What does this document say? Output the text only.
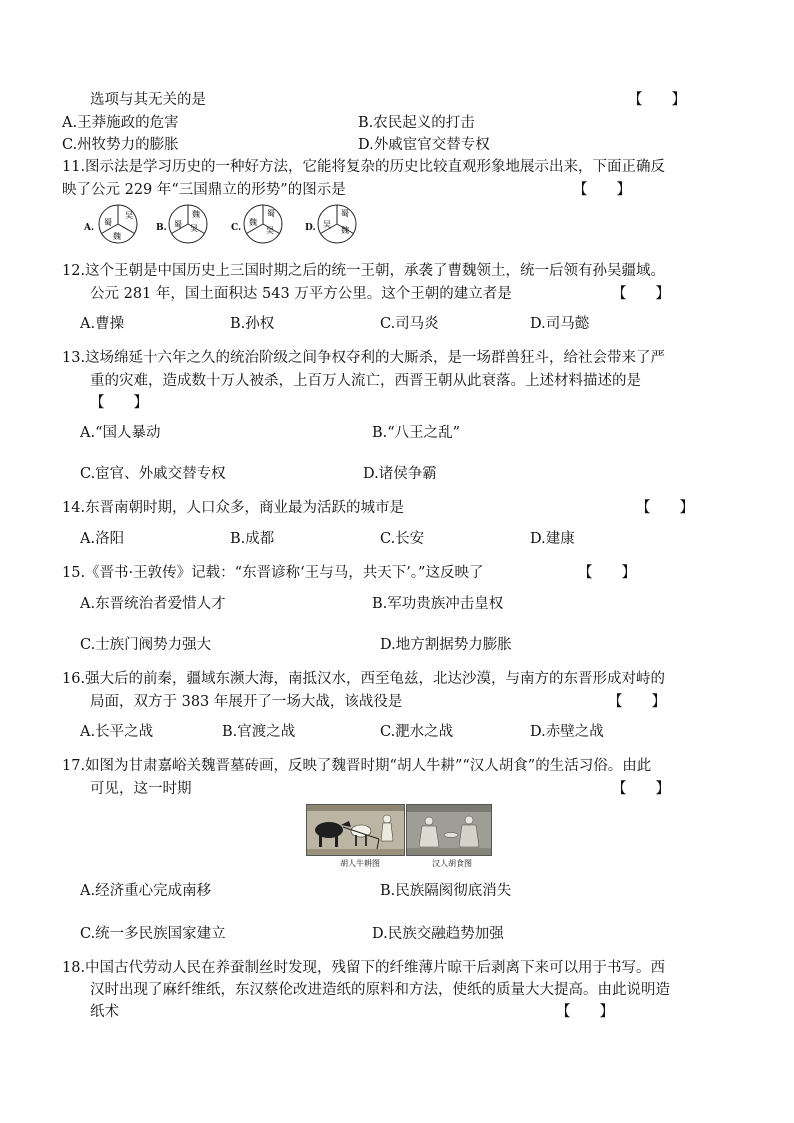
选项与其无关的是	【　　】
A.王莽施政的危害	B.农民起义的打击
C.州牧势力的膨胀	D.外戚宦官交替专权
11.图示法是学习历史的一种好方法，它能将复杂的历史比较直观形象地展示出来，下面正确反
映了公元 229 年“三国鼎立的形势”的图示是	【　　】
A.
吴
蜀
魏
B.
魏
蜀 吴	C.
蜀
魏
吴	D.
蜀
吴
魏
12.这个王朝是中国历史上三国时期之后的统一王朝，承袭了曹魏领土，统一后领有孙吴疆域。
公元 281 年，国土面积达 543 万平方公里。这个王朝的建立者是	【　　】
A.曹操	B.孙权	C.司马炎	D.司马懿
13.这场绵延十六年之久的统治阶级之间争权夺利的大厮杀，是一场群兽狂斗，给社会带来了严
重的灾难，造成数十万人被杀，上百万人流亡，西晋王朝从此衰落。上述材料描述的是
【　　】
A.“国人暴动	B.“八王之乱”
C.宦官、外戚交替专权	D.诸侯争霸
14.东晋南朝时期，人口众多，商业最为活跃的城市是	【　　】
A.洛阳	B.成都	C.长安	D.建康
15.《晋书·王敦传》记载：“东晋谚称‘王与马，共天下’。”这反映了	【　　】
A.东晋统治者爱惜人才	B.军功贵族冲击皇权
C.士族门阀势力强大	D.地方割据势力膨胀
16.强大后的前秦，疆域东濒大海，南抵汉水，西至龟兹，北达沙漠，与南方的东晋形成对峙的
局面，双方于 383 年展开了一场大战，该战役是	【　　】
A.长平之战	B.官渡之战	C.淝水之战	D.赤壁之战
17.如图为甘肃嘉峪关魏晋墓砖画，反映了魏晋时期“胡人牛耕”“汉人胡食”的生活习俗。由此
可见，这一时期	【　　】
胡人牛耕图	汉人胡食图
A.经济重心完成南移	B.民族隔阂彻底消失
C.统一多民族国家建立	D.民族交融趋势加强
18.中国古代劳动人民在养蚕制丝时发现，残留下的纤维薄片晾干后剥离下来可以用于书写。西
汉时出现了麻纤维纸，东汉蔡伦改进造纸的原料和方法，使纸的质量大大提高。由此说明造
纸术	【　　】
